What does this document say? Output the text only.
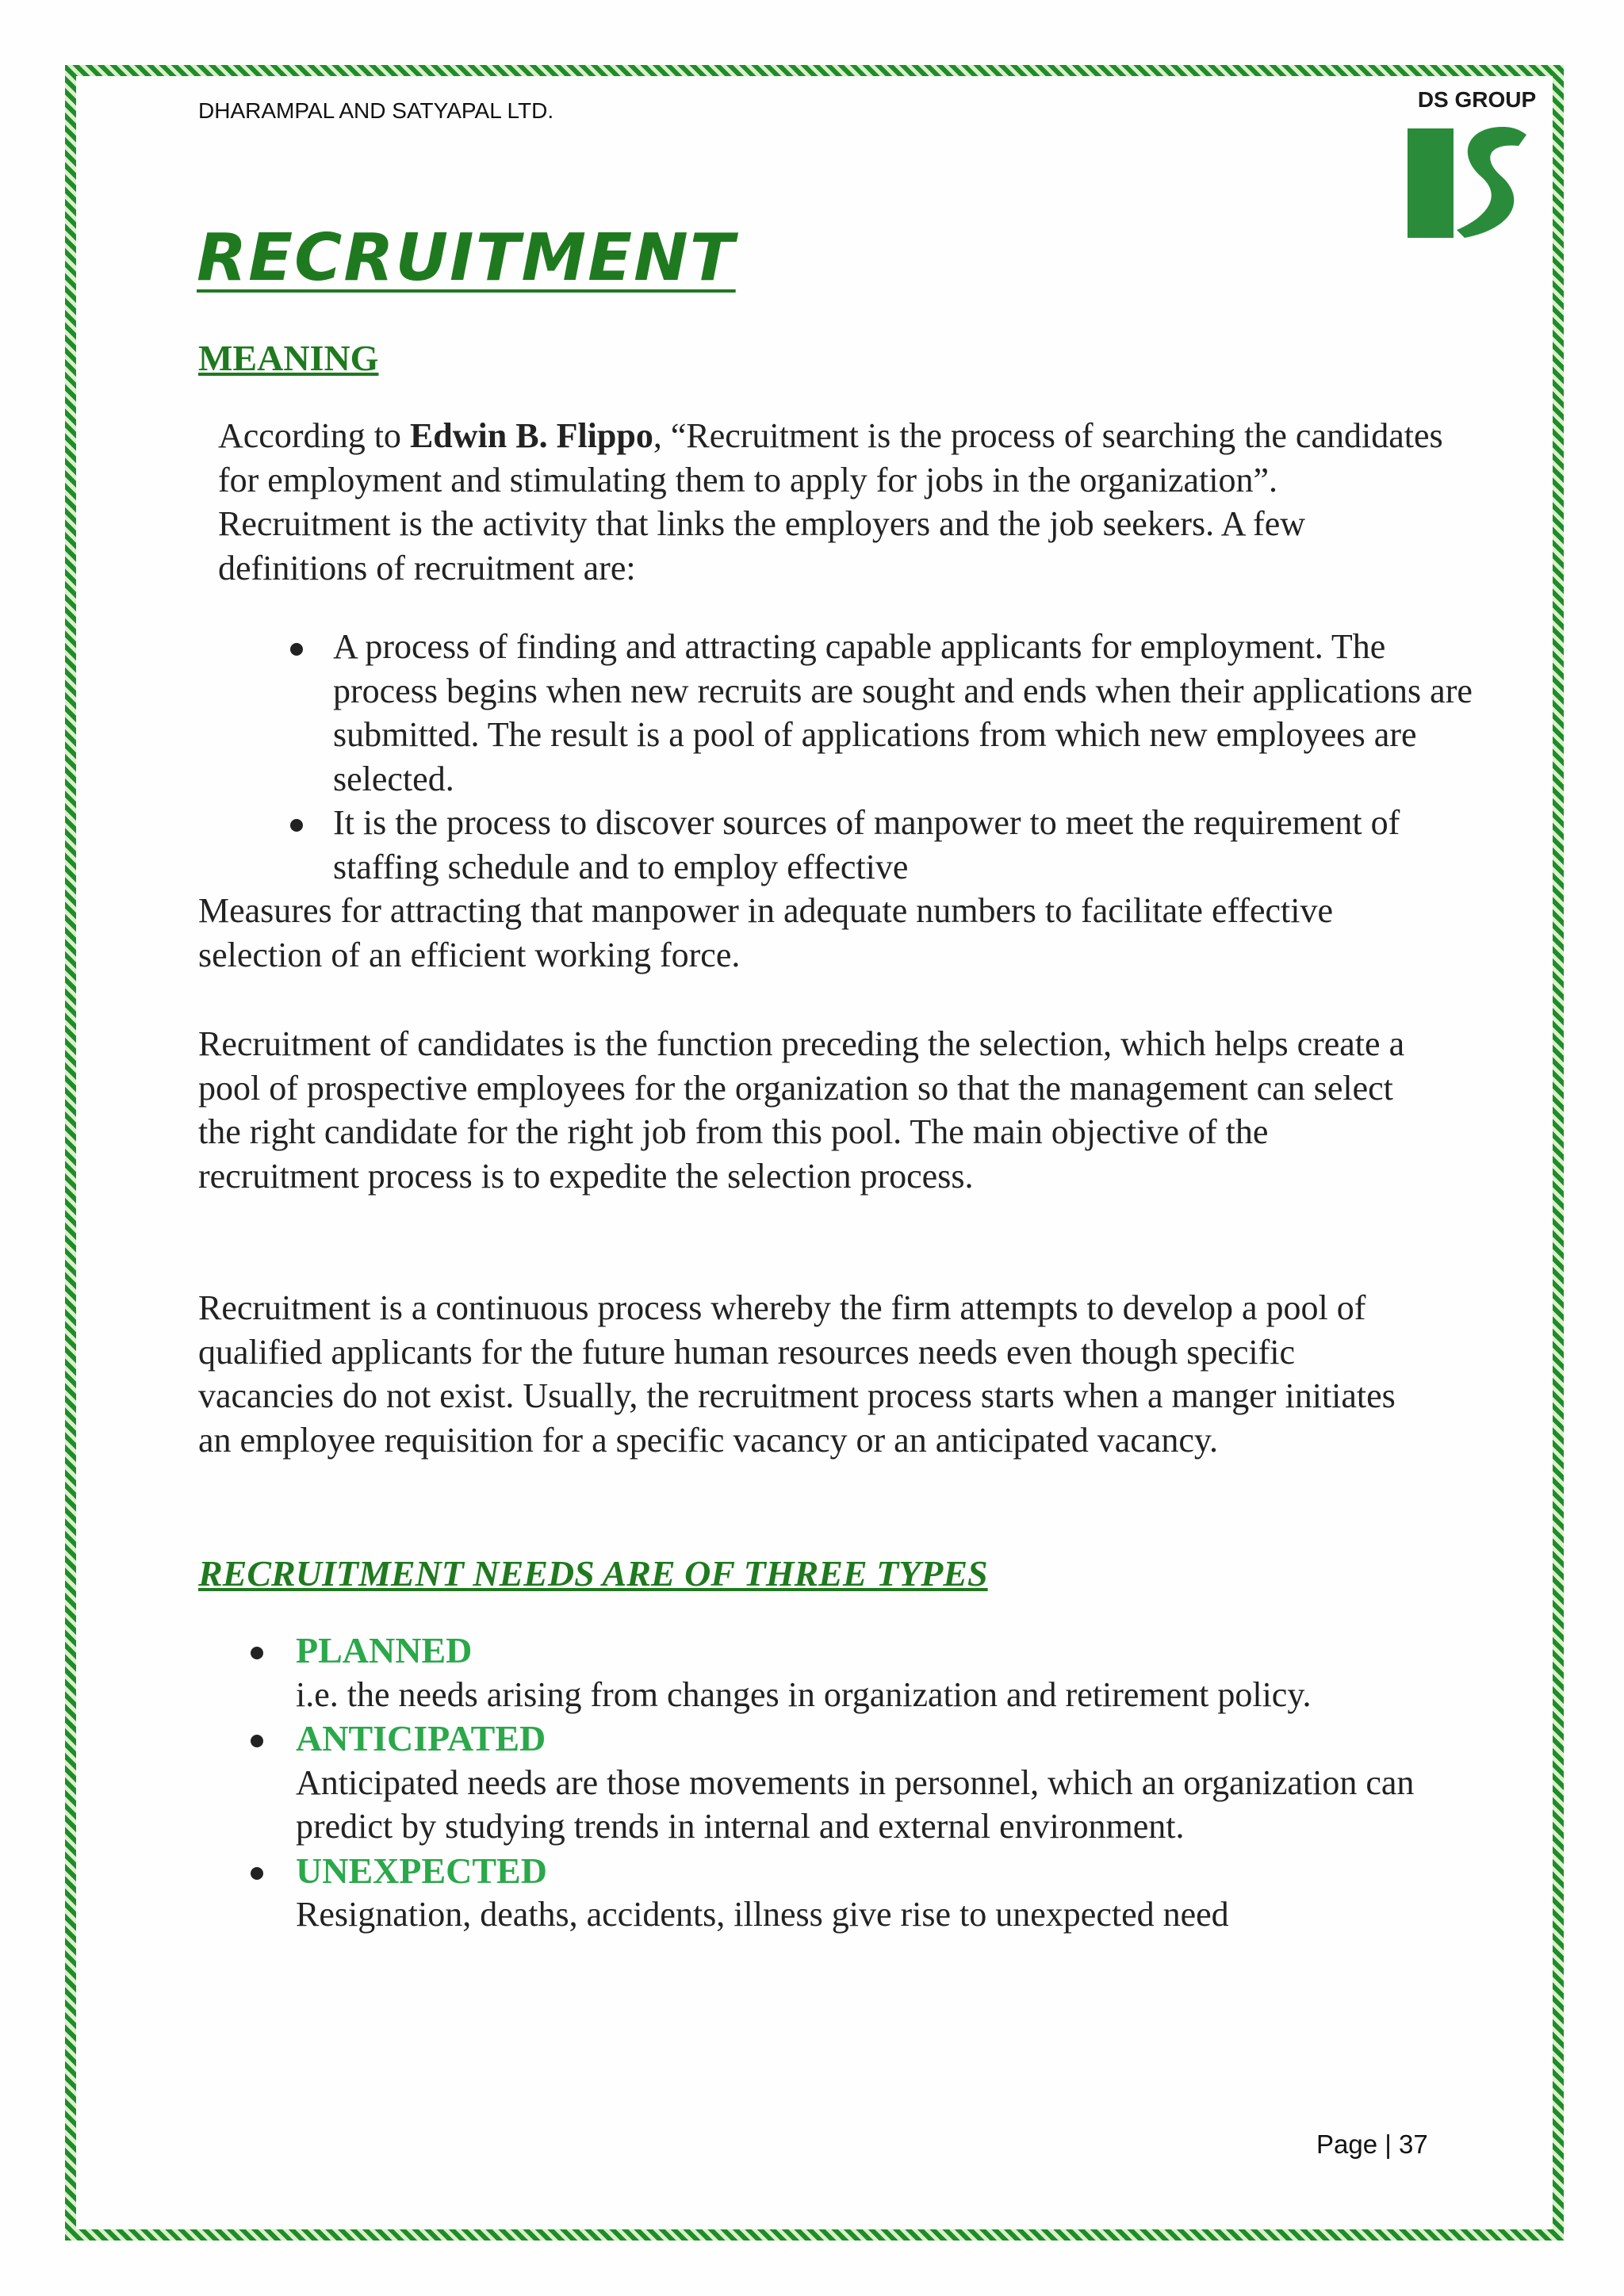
DHARAMPAL AND SATYAPAL LTD.	DS GROUP
RECRUITMENT
MEANING

According to Edwin B. Flippo, “Recruitment is the process of searching the candidates for employment and stimulating them to apply for jobs in the organization”. Recruitment is the activity that links the employers and the job seekers. A few definitions of recruitment are:

A process of finding and attracting capable applicants for employment. The process begins when new recruits are sought and ends when their applications are submitted. The result is a pool of applications from which new employees are selected.
It is the process to discover sources of manpower to meet the requirement of staffing schedule and to employ effective

Measures for attracting that manpower in adequate numbers to facilitate effective selection of an efficient working force.

Recruitment of candidates is the function preceding the selection, which helps create a pool of prospective employees for the organization so that the management can select the right candidate for the right job from this pool. The main objective of the recruitment process is to expedite the selection process.

Recruitment is a continuous process whereby the firm attempts to develop a pool of qualified applicants for the future human resources needs even though specific vacancies do not exist. Usually, the recruitment process starts when a manger initiates an employee requisition for a specific vacancy or an anticipated vacancy.

RECRUITMENT NEEDS ARE OF THREE TYPES
PLANNED
i.e. the needs arising from changes in organization and retirement policy.
ANTICIPATED
Anticipated needs are those movements in personnel, which an organization can predict by studying trends in internal and external environment.
UNEXPECTED
Resignation, deaths, accidents, illness give rise to unexpected need
Page | 37
